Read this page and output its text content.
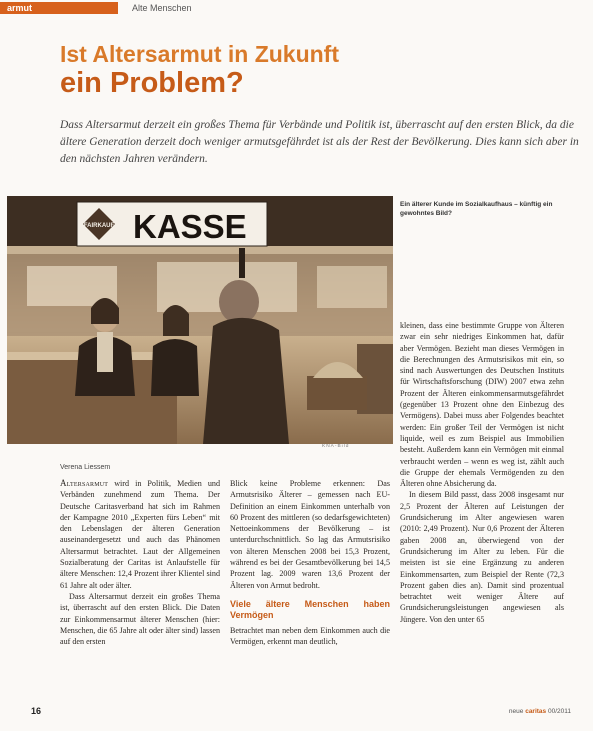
armut	Alte Menschen
Ist Altersarmut in Zukunft
ein Problem?

Dass Altersarmut derzeit ein großes Thema für Verbände und Politik ist, überrascht auf den ersten Blick, da die ältere Generation derzeit doch weniger armutsgefährdet ist als der Rest der Bevölkerung. Dies kann sich aber in den nächsten Jahren verändern.

FAIRKAUF KASSE
Ein älterer Kunde im Sozialkaufhaus – künftig ein gewohntes Bild?
KNA-Bild
Verena Liessem

Altersarmut wird in Politik, Medien und Verbänden zunehmend zum Thema. Der Deutsche Caritasverband hat sich im Rahmen der Kampagne 2010 „Experten fürs Leben“ mit den Lebenslagen der älteren Generation auseinandergesetzt und auch das Phänomen Altersarmut betrachtet. Laut der Allgemeinen Sozialberatung der Caritas ist Anlaufstelle für ältere Menschen: 12,4 Prozent ihrer Klientel sind 61 Jahre alt oder älter.

Dass Altersarmut derzeit ein großes Thema ist, überrascht auf den ersten Blick. Die Daten zur Einkommensarmut älterer Menschen (hier: Menschen, die 65 Jahre alt oder älter sind) lassen auf den ersten

Blick keine Probleme erkennen: Das Armutsrisiko Älterer – gemessen nach EU-Definition an einem Einkommen unterhalb von 60 Prozent des mittleren (so dedarfsgewichteten) Nettoeinkommens der Bevölkerung – ist unterdurchschnittlich. So lag das Armutsrisiko von älteren Menschen 2008 bei 15,3 Prozent, während es bei der Gesamtbevölkerung bei 14,5 Prozent lag. 2009 waren 13,6 Prozent der Älteren von Armut bedroht.

Viele ältere Menschen haben Vermögen

Betrachtet man neben dem Einkommen auch die Vermögen, erkennt man deutlich,

kleinen, dass eine bestimmte Gruppe von Älteren zwar ein sehr niedriges Einkommen hat, dafür aber Vermögen. Bezieht man dieses Vermögen in die Berechnungen des Armutsrisikos mit ein, so sind nach Auswertungen des Deutschen Instituts für Wirtschaftsforschung (DIW) 2007 etwa zehn Prozent der Älteren einkommensarmutsgefährdet (gegenüber 13 Prozent ohne den Einbezug des Vermögens). Dabei muss aber Folgendes beachtet werden: Ein großer Teil der Vermögen ist nicht liquide, weil es zum Beispiel aus Immobilien besteht. Außerdem kann ein Vermögen mit einmal verbraucht werden – wenn es weg ist, zählt auch die Gruppe der ehemals Vermögenden zu den Älteren ohne Absicherung da.

In diesem Bild passt, dass 2008 insgesamt nur 2,5 Prozent der Älteren auf Leistungen der Grundsicherung im Alter angewiesen waren (2010: 2,49 Prozent). Nur 0,6 Prozent der Älteren gaben 2008 an, überwiegend von der Grundsicherung im Alter zu leben. Für die meisten ist sie eine Ergänzung zu anderen Einkommensarten, zum Beispiel der Rente (72,3 Prozent gaben dies an). Damit sind prozentual betrachtet weit weniger Ältere auf Grundsicherungsleistungen angewiesen als Jüngere. Von den unter 65

16	neue caritas 00/2011
